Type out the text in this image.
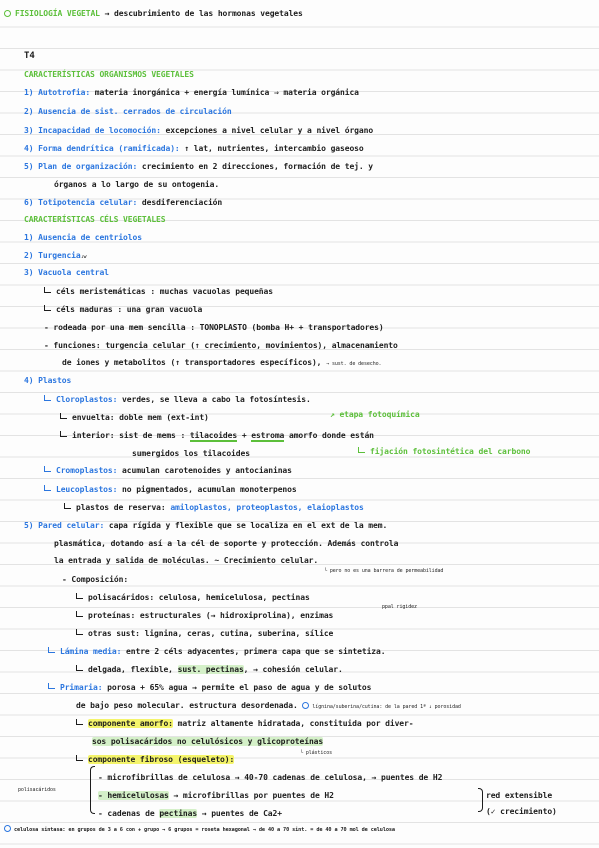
FISIOLOGÍA VEGETAL → descubrimiento de las hormonas vegetales
T4
CARACTERÍSTICAS ORGANISMOS VEGETALES
1) Autotrofia: materia inorgánica + energía lumínica ⇒ materia orgánica
2) Ausencia de sist. cerrados de circulación
3) Incapacidad de locomoción: excepciones a nivel celular y a nivel órgano
4) Forma dendrítica (ramificada): ↑ lat, nutrientes, intercambio gaseoso
5) Plan de organización: crecimiento en 2 direcciones, formación de tej. y
órganos a lo largo de su ontogenia.
6) Totipotencia celular: desdiferenciación
CARACTERÍSTICAS CÉLS VEGETALES
1) Ausencia de centriolos
2) Turgencia↓w
3) Vacuola central
céls meristemáticas : muchas vacuolas pequeñas
céls maduras : una gran vacuola
- rodeada por una mem sencilla : TONOPLASTO (bomba H+ + transportadores)
- funciones: turgencia celular (↑ crecimiento, movimientos), almacenamiento
de iones y metabolitos (↑ transportadores específicos), → sust. de desecho.
4) Plastos
Cloroplastos: verdes, se lleva a cabo la fotosíntesis.
envuelta: doble mem (ext-int)	↗ etapa fotoquímica
interior: sist de mems : tilacoides + estroma amorfo donde están
sumergidos los tilacoides	fijación fotosintética del carbono
Cromoplastos: acumulan carotenoides y antocianinas
Leucoplastos: no pigmentados, acumulan monoterpenos
plastos de reserva: amiloplastos, proteoplastos, elaioplastos
5) Pared celular: capa rígida y flexible que se localiza en el ext de la mem.
plasmática, dotando así a la cél de soporte y protección. Además controla
la entrada y salida de moléculas. ~ Crecimiento celular.
└ pero no es una barrera de permeabilidad
- Composición:
polisacáridos: celulosa, hemicelulosa, pectinas
ppal rigidez
proteínas: estructurales (→ hidroxiprolina), enzimas
otras sust: lignina, ceras, cutina, suberina, sílice
Lámina media: entre 2 céls adyacentes, primera capa que se sintetiza.
delgada, flexible, sust. pectinas, → cohesión celular.
Primaria: porosa + 65% agua → permite el paso de agua y de solutos
de bajo peso molecular. estructura desordenada.	lígnina/suberina/cutina: de la pared 1ª ↓ porosidad
componente amorfo: matriz altamente hidratada, constituida por diver-
sos polisacáridos no celulósicos y glicoproteínas
componente fibroso (esqueleto):
└ plásticos
polisacáridos
- microfibrillas de celulosa → 40-70 cadenas de celulosa, → puentes de H2
- hemicelulosas → microfibrillas por puentes de H2	red extensible
- cadenas de pectinas → puentes de Ca2+	(✓ crecimiento)
celulosa sintasa: en grupos de 3 a 6 con + grupo → 6 grupos = roseta hexagonal → de 40 a 70 sint. = de 40 a 70 mol de celulosa
